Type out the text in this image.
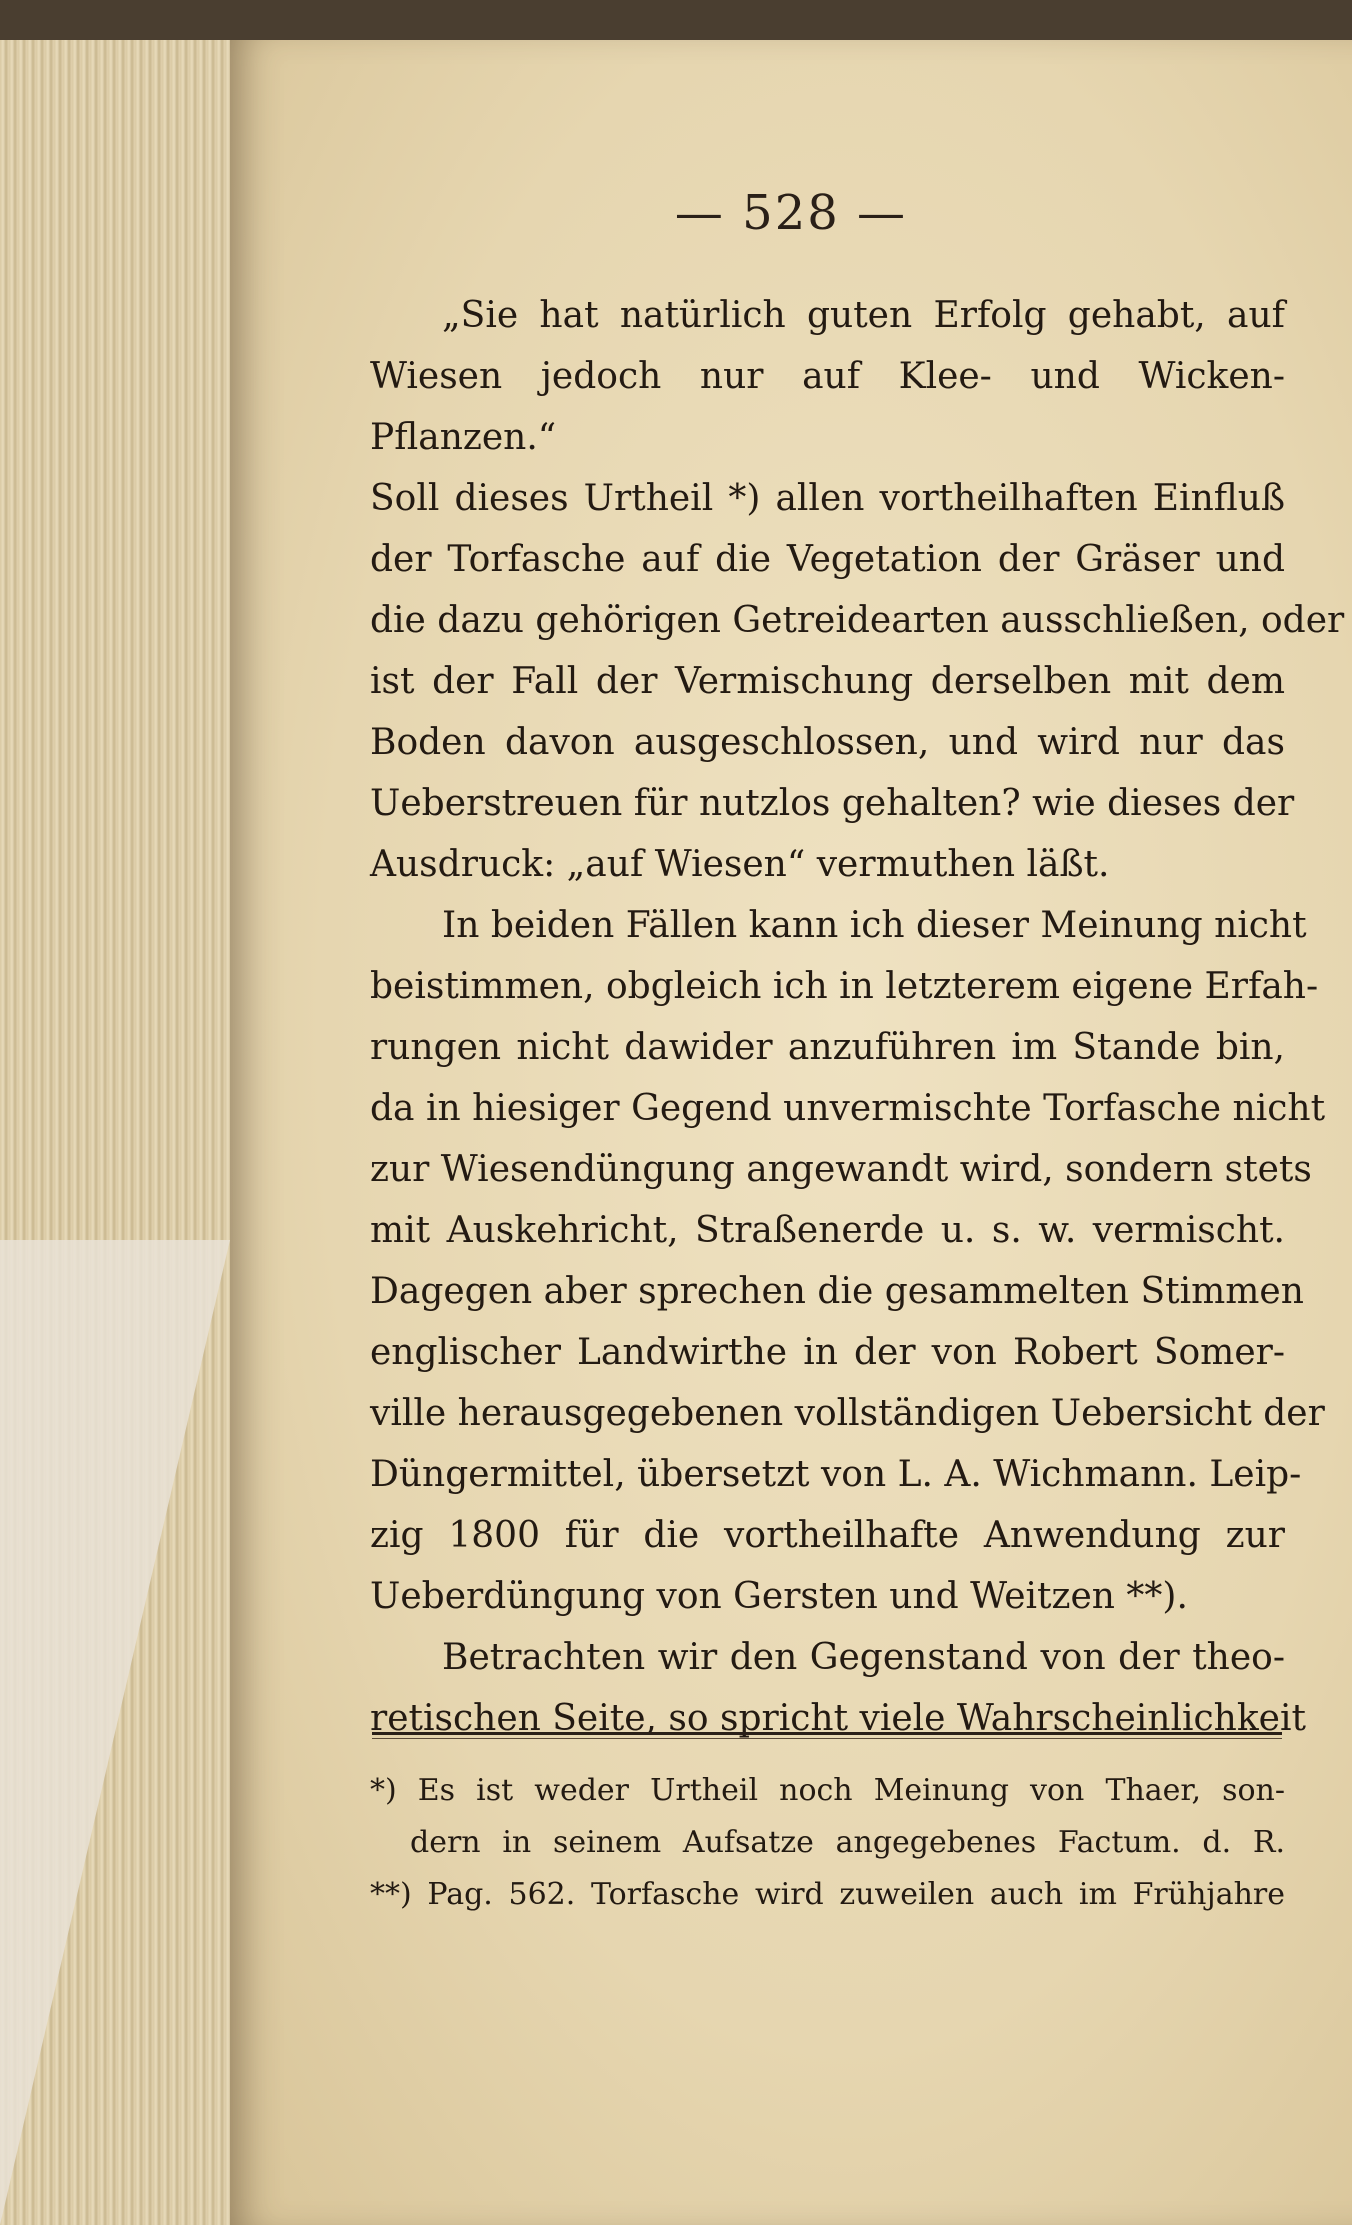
— 528 —
„Sie hat natürlich guten Erfolg gehabt, auf
Wiesen jedoch nur auf Klee- und Wicken-
Pflanzen.“
Soll dieses Urtheil *) allen vortheilhaften Einfluß
der Torfasche auf die Vegetation der Gräser und
die dazu gehörigen Getreidearten ausschließen, oder
ist der Fall der Vermischung derselben mit dem
Boden davon ausgeschlossen, und wird nur das
Ueberstreuen für nutzlos gehalten? wie dieses der
Ausdruck: „auf Wiesen“ vermuthen läßt.
In beiden Fällen kann ich dieser Meinung nicht
beistimmen, obgleich ich in letzterem eigene Erfah-
rungen nicht dawider anzuführen im Stande bin,
da in hiesiger Gegend unvermischte Torfasche nicht
zur Wiesendüngung angewandt wird, sondern stets
mit Auskehricht, Straßenerde u. s. w. vermischt.
Dagegen aber sprechen die gesammelten Stimmen
englischer Landwirthe in der von Robert Somer-
ville herausgegebenen vollständigen Uebersicht der
Düngermittel, übersetzt von L. A. Wichmann. Leip-
zig 1800 für die vortheilhafte Anwendung zur
Ueberdüngung von Gersten und Weitzen **).
Betrachten wir den Gegenstand von der theo-
retischen Seite, so spricht viele Wahrscheinlichkeit
*) Es ist weder Urtheil noch Meinung von Thaer, son-
dern in seinem Aufsatze angegebenes Factum. d. R.
**) Pag. 562. Torfasche wird zuweilen auch im Frühjahre
